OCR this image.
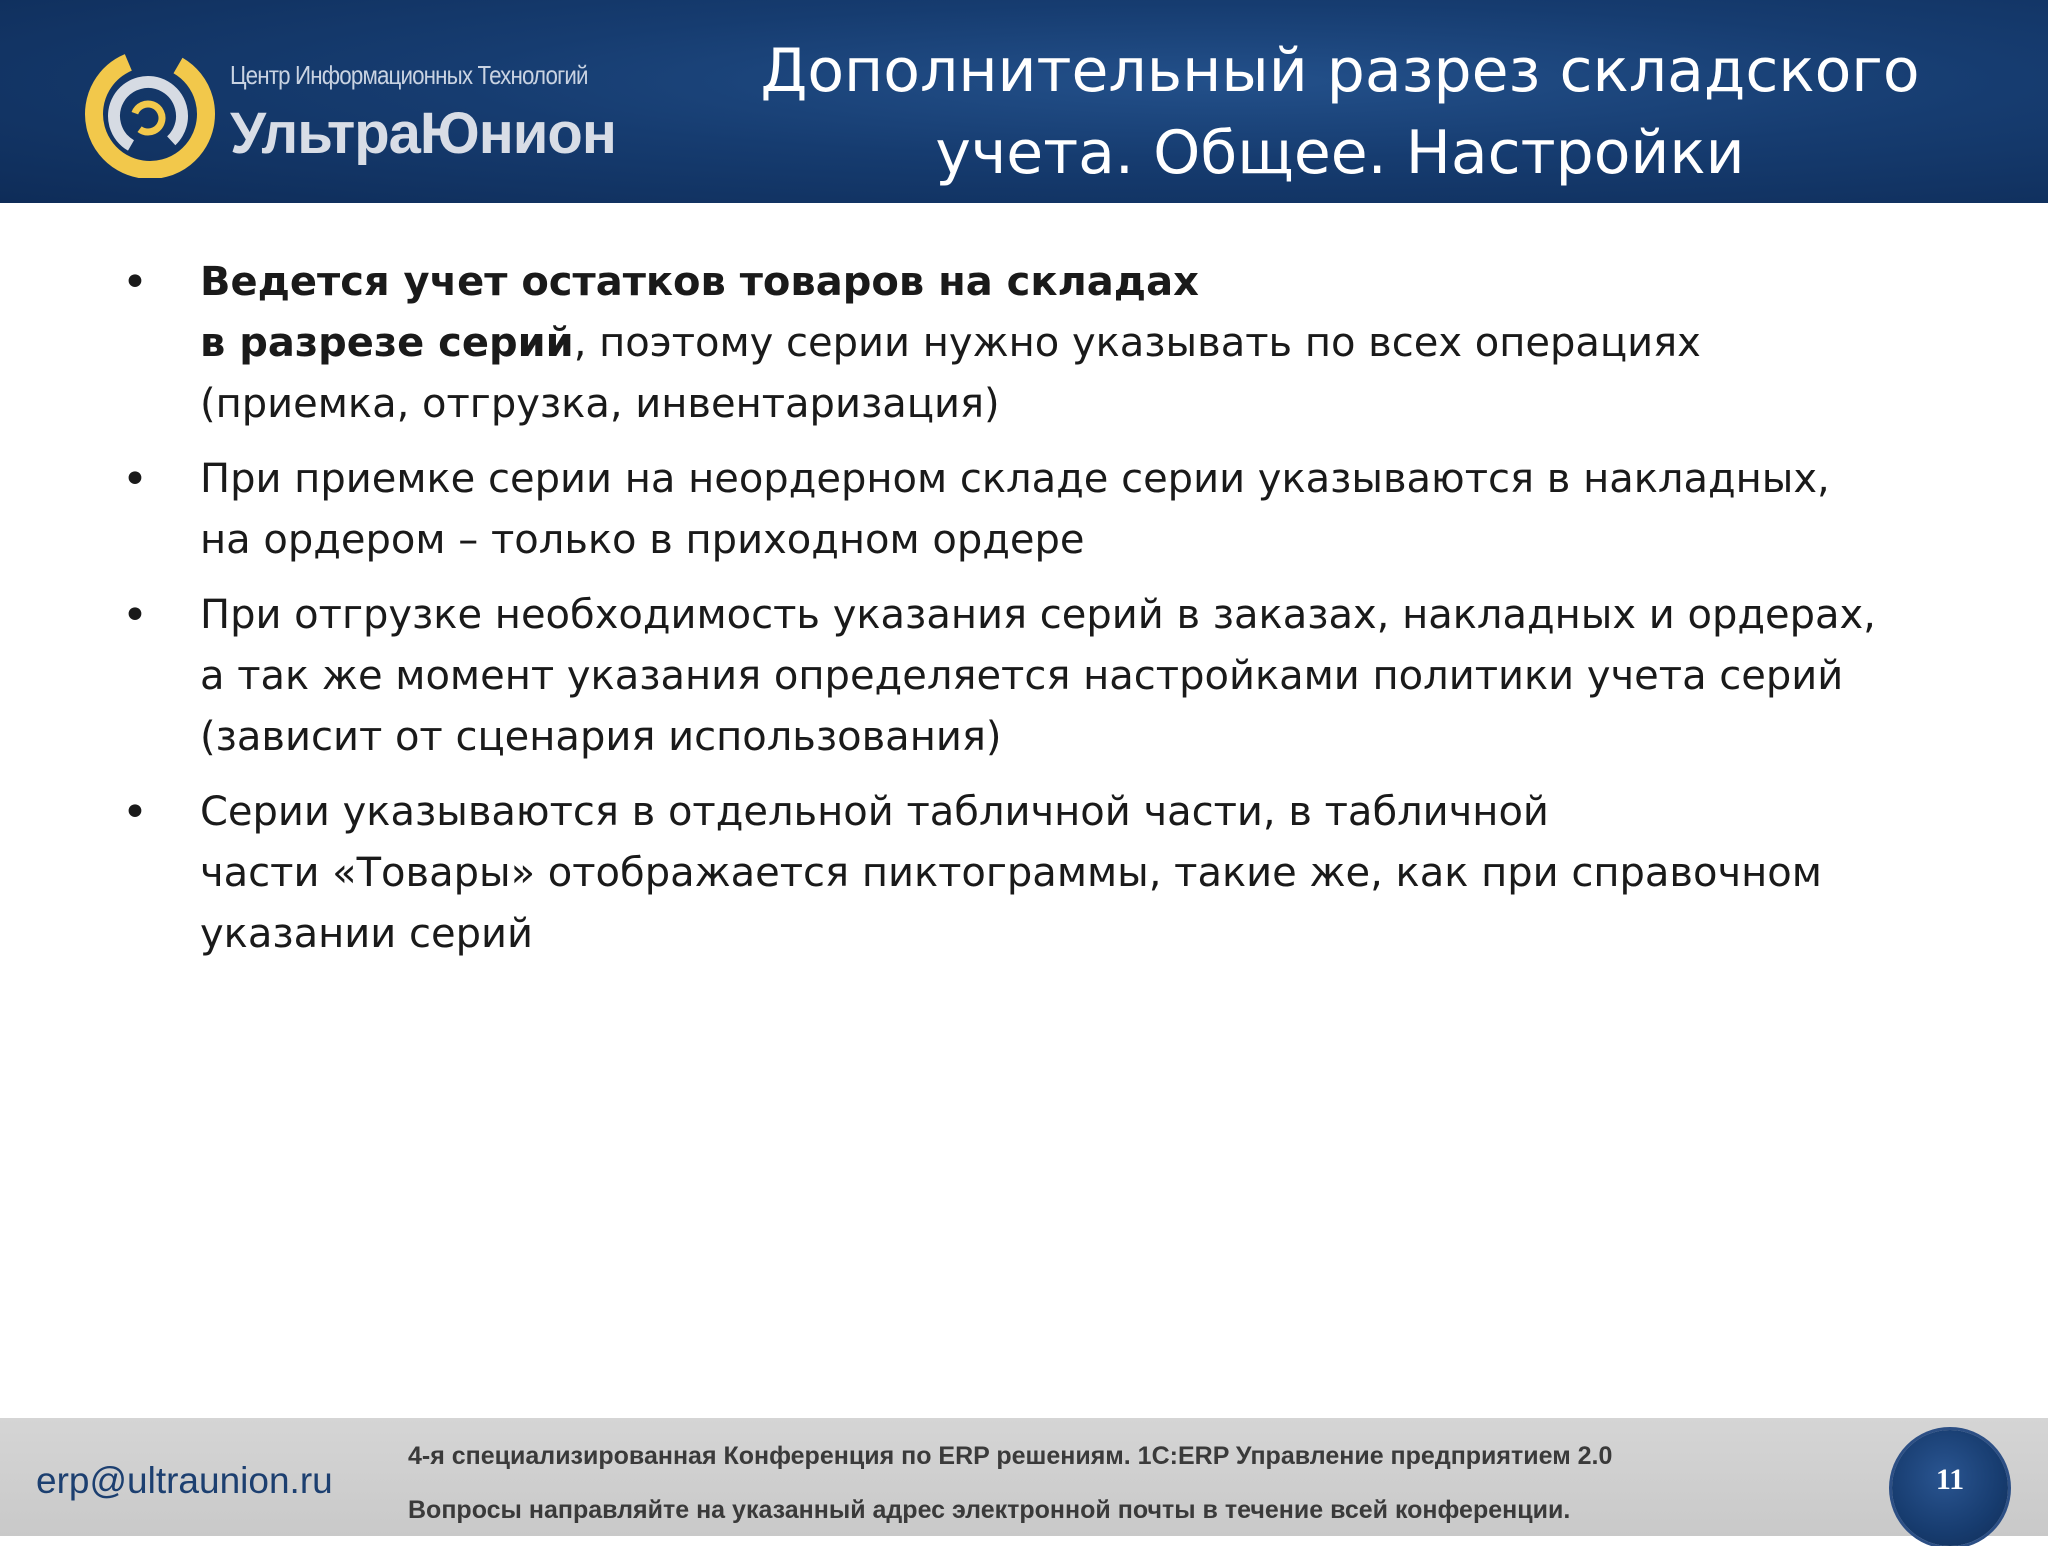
Центр Информационных Технологий
УльтраЮнион
Дополнительный разрез складского
учета. Общее. Настройки
• Ведется учет остатков товаров на складах
в разрезе серий, поэтому серии нужно указывать по всех операциях
(приемка, отгрузка, инвентаризация)

• При приемке серии на неордерном складе серии указываются в накладных,
на ордером – только в приходном ордере

• При отгрузке необходимость указания серий в заказах, накладных и ордерах,
а так же момент указания определяется настройками политики учета серий
(зависит от сценария использования)

• Серии указываются в отдельной табличной части, в табличной
части «Товары» отображается пиктограммы, такие же, как при справочном
указании серий

erp@ultraunion.ru
4-я специализированная Конференция по ERP решениям. 1С:ERP Управление предприятием 2.0
Вопросы направляйте на указанный адрес электронной почты в течение всей конференции.
11
